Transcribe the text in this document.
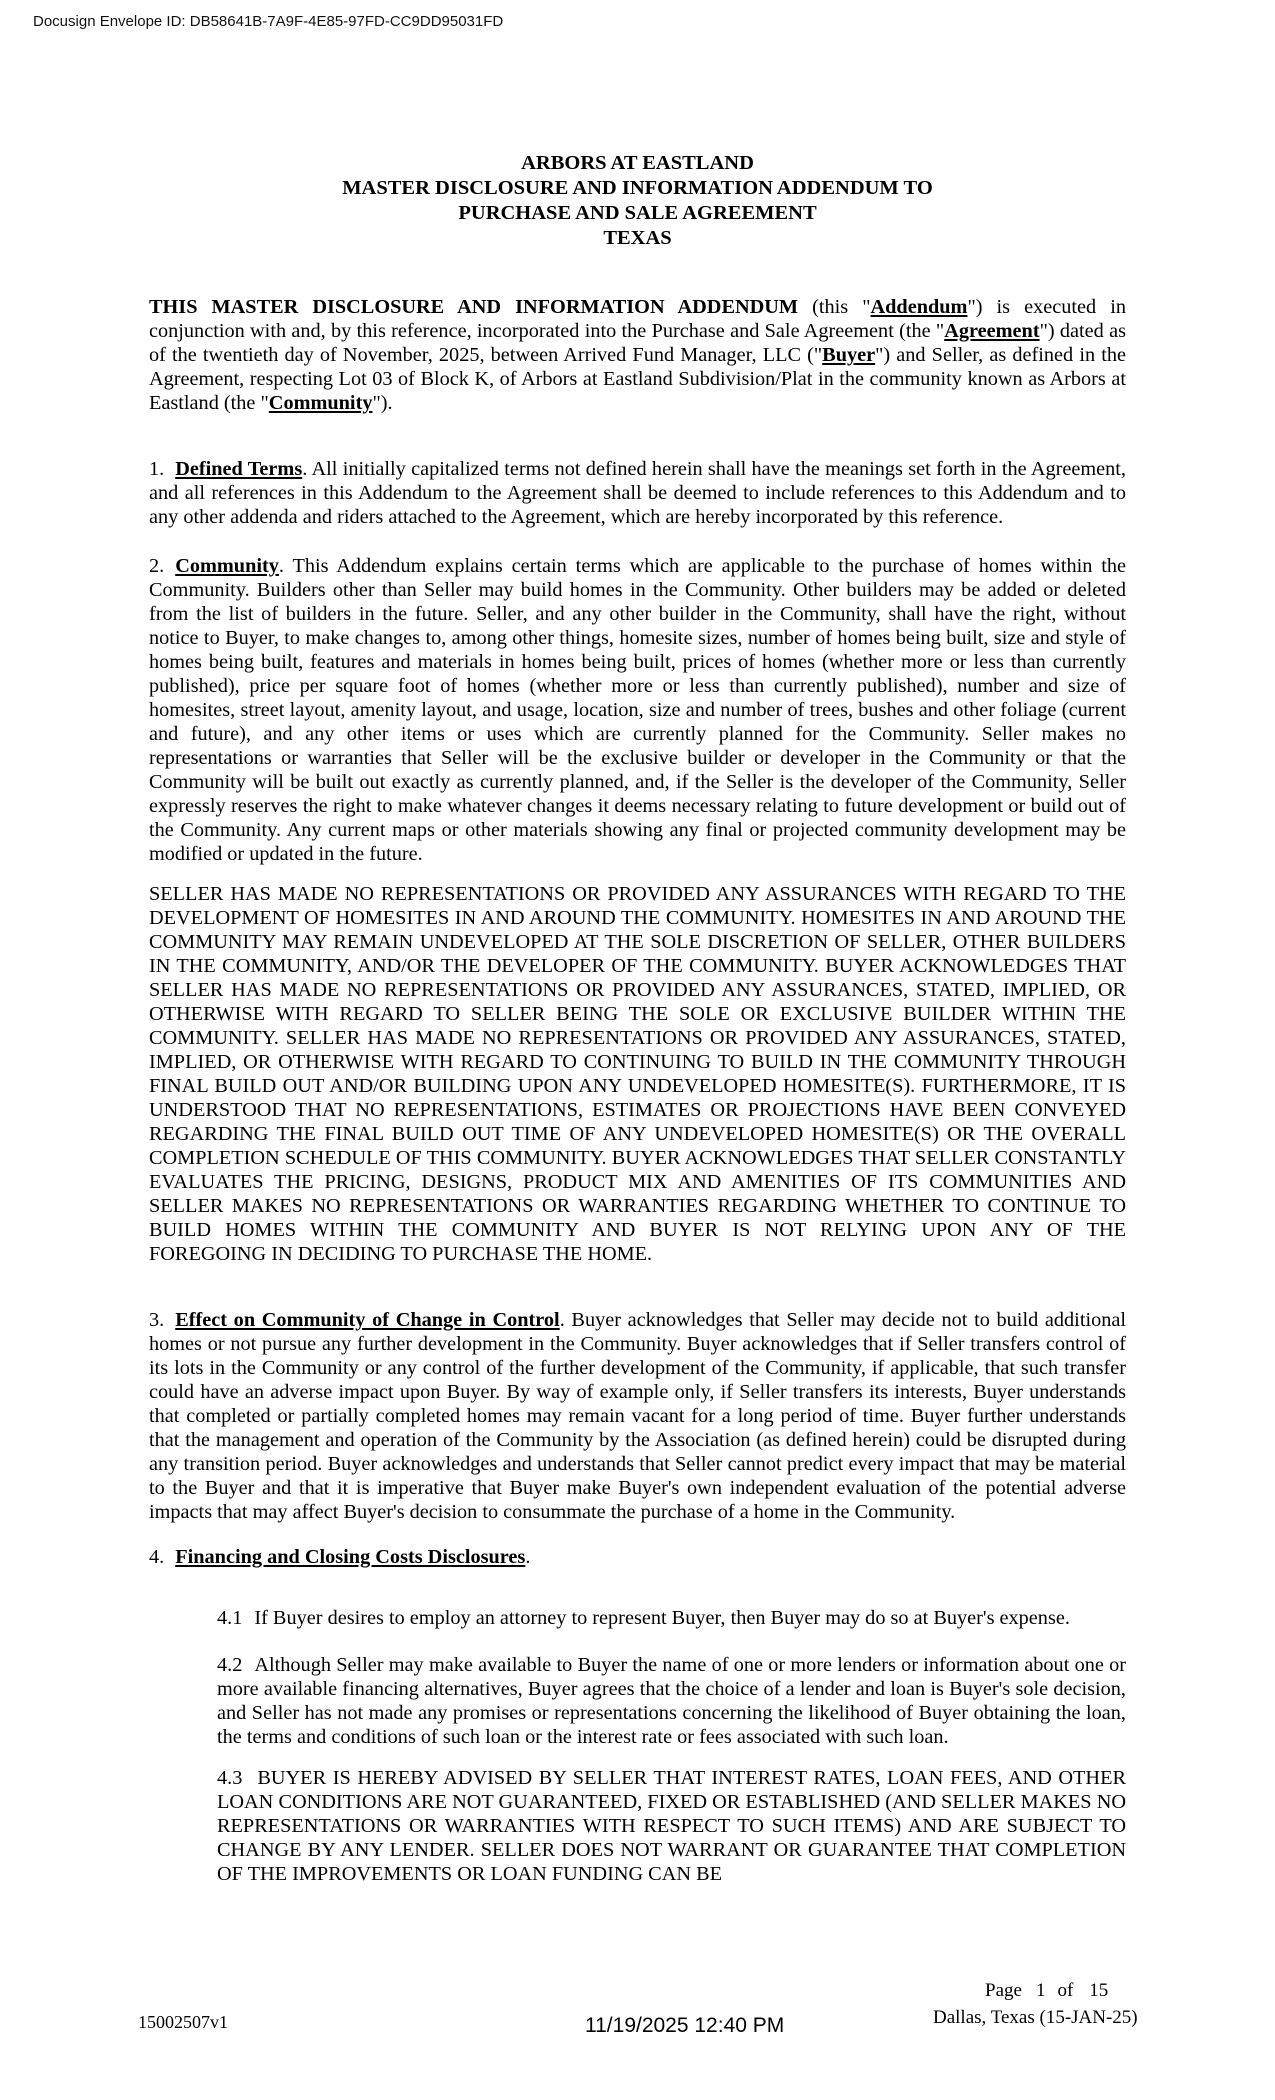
Docusign Envelope ID: DB58641B-7A9F-4E85-97FD-CC9DD95031FD
ARBORS AT EASTLAND
MASTER DISCLOSURE AND INFORMATION ADDENDUM TO
PURCHASE AND SALE AGREEMENT
TEXAS

THIS MASTER DISCLOSURE AND INFORMATION ADDENDUM (this "Addendum") is executed in conjunction with and, by this reference, incorporated into the Purchase and Sale Agreement (the "Agreement") dated as of the twentieth day of November, 2025, between Arrived Fund Manager, LLC ("Buyer") and Seller, as defined in the Agreement, respecting Lot 03 of Block K, of Arbors at Eastland Subdivision/Plat in the community known as Arbors at Eastland (the "Community").

1. Defined Terms. All initially capitalized terms not defined herein shall have the meanings set forth in the Agreement, and all references in this Addendum to the Agreement shall be deemed to include references to this Addendum and to any other addenda and riders attached to the Agreement, which are hereby incorporated by this reference.

2. Community. This Addendum explains certain terms which are applicable to the purchase of homes within the Community. Builders other than Seller may build homes in the Community. Other builders may be added or deleted from the list of builders in the future. Seller, and any other builder in the Community, shall have the right, without notice to Buyer, to make changes to, among other things, homesite sizes, number of homes being built, size and style of homes being built, features and materials in homes being built, prices of homes (whether more or less than currently published), price per square foot of homes (whether more or less than currently published), number and size of homesites, street layout, amenity layout, and usage, location, size and number of trees, bushes and other foliage (current and future), and any other items or uses which are currently planned for the Community. Seller makes no representations or warranties that Seller will be the exclusive builder or developer in the Community or that the Community will be built out exactly as currently planned, and, if the Seller is the developer of the Community, Seller expressly reserves the right to make whatever changes it deems necessary relating to future development or build out of the Community. Any current maps or other materials showing any final or projected community development may be modified or updated in the future.

SELLER HAS MADE NO REPRESENTATIONS OR PROVIDED ANY ASSURANCES WITH REGARD TO THE DEVELOPMENT OF HOMESITES IN AND AROUND THE COMMUNITY. HOMESITES IN AND AROUND THE COMMUNITY MAY REMAIN UNDEVELOPED AT THE SOLE DISCRETION OF SELLER, OTHER BUILDERS IN THE COMMUNITY, AND/OR THE DEVELOPER OF THE COMMUNITY. BUYER ACKNOWLEDGES THAT SELLER HAS MADE NO REPRESENTATIONS OR PROVIDED ANY ASSURANCES, STATED, IMPLIED, OR OTHERWISE WITH REGARD TO SELLER BEING THE SOLE OR EXCLUSIVE BUILDER WITHIN THE COMMUNITY. SELLER HAS MADE NO REPRESENTATIONS OR PROVIDED ANY ASSURANCES, STATED, IMPLIED, OR OTHERWISE WITH REGARD TO CONTINUING TO BUILD IN THE COMMUNITY THROUGH FINAL BUILD OUT AND/OR BUILDING UPON ANY UNDEVELOPED HOMESITE(S). FURTHERMORE, IT IS UNDERSTOOD THAT NO REPRESENTATIONS, ESTIMATES OR PROJECTIONS HAVE BEEN CONVEYED REGARDING THE FINAL BUILD OUT TIME OF ANY UNDEVELOPED HOMESITE(S) OR THE OVERALL COMPLETION SCHEDULE OF THIS COMMUNITY. BUYER ACKNOWLEDGES THAT SELLER CONSTANTLY EVALUATES THE PRICING, DESIGNS, PRODUCT MIX AND AMENITIES OF ITS COMMUNITIES AND SELLER MAKES NO REPRESENTATIONS OR WARRANTIES REGARDING WHETHER TO CONTINUE TO BUILD HOMES WITHIN THE COMMUNITY AND BUYER IS NOT RELYING UPON ANY OF THE FOREGOING IN DECIDING TO PURCHASE THE HOME.

3. Effect on Community of Change in Control. Buyer acknowledges that Seller may decide not to build additional homes or not pursue any further development in the Community. Buyer acknowledges that if Seller transfers control of its lots in the Community or any control of the further development of the Community, if applicable, that such transfer could have an adverse impact upon Buyer. By way of example only, if Seller transfers its interests, Buyer understands that completed or partially completed homes may remain vacant for a long period of time. Buyer further understands that the management and operation of the Community by the Association (as defined herein) could be disrupted during any transition period. Buyer acknowledges and understands that Seller cannot predict every impact that may be material to the Buyer and that it is imperative that Buyer make Buyer's own independent evaluation of the potential adverse impacts that may affect Buyer's decision to consummate the purchase of a home in the Community.

4. Financing and Closing Costs Disclosures.

4.1 If Buyer desires to employ an attorney to represent Buyer, then Buyer may do so at Buyer's expense.

4.2 Although Seller may make available to Buyer the name of one or more lenders or information about one or more available financing alternatives, Buyer agrees that the choice of a lender and loan is Buyer's sole decision, and Seller has not made any promises or representations concerning the likelihood of Buyer obtaining the loan, the terms and conditions of such loan or the interest rate or fees associated with such loan.

4.3 BUYER IS HEREBY ADVISED BY SELLER THAT INTEREST RATES, LOAN FEES, AND OTHER LOAN CONDITIONS ARE NOT GUARANTEED, FIXED OR ESTABLISHED (AND SELLER MAKES NO REPRESENTATIONS OR WARRANTIES WITH RESPECT TO SUCH ITEMS) AND ARE SUBJECT TO CHANGE BY ANY LENDER. SELLER DOES NOT WARRANT OR GUARANTEE THAT COMPLETION OF THE IMPROVEMENTS OR LOAN FUNDING CAN BE

Page 1 of 15
Dallas, Texas (15-JAN-25)
15002507v1	11/19/2025 12:40 PM
